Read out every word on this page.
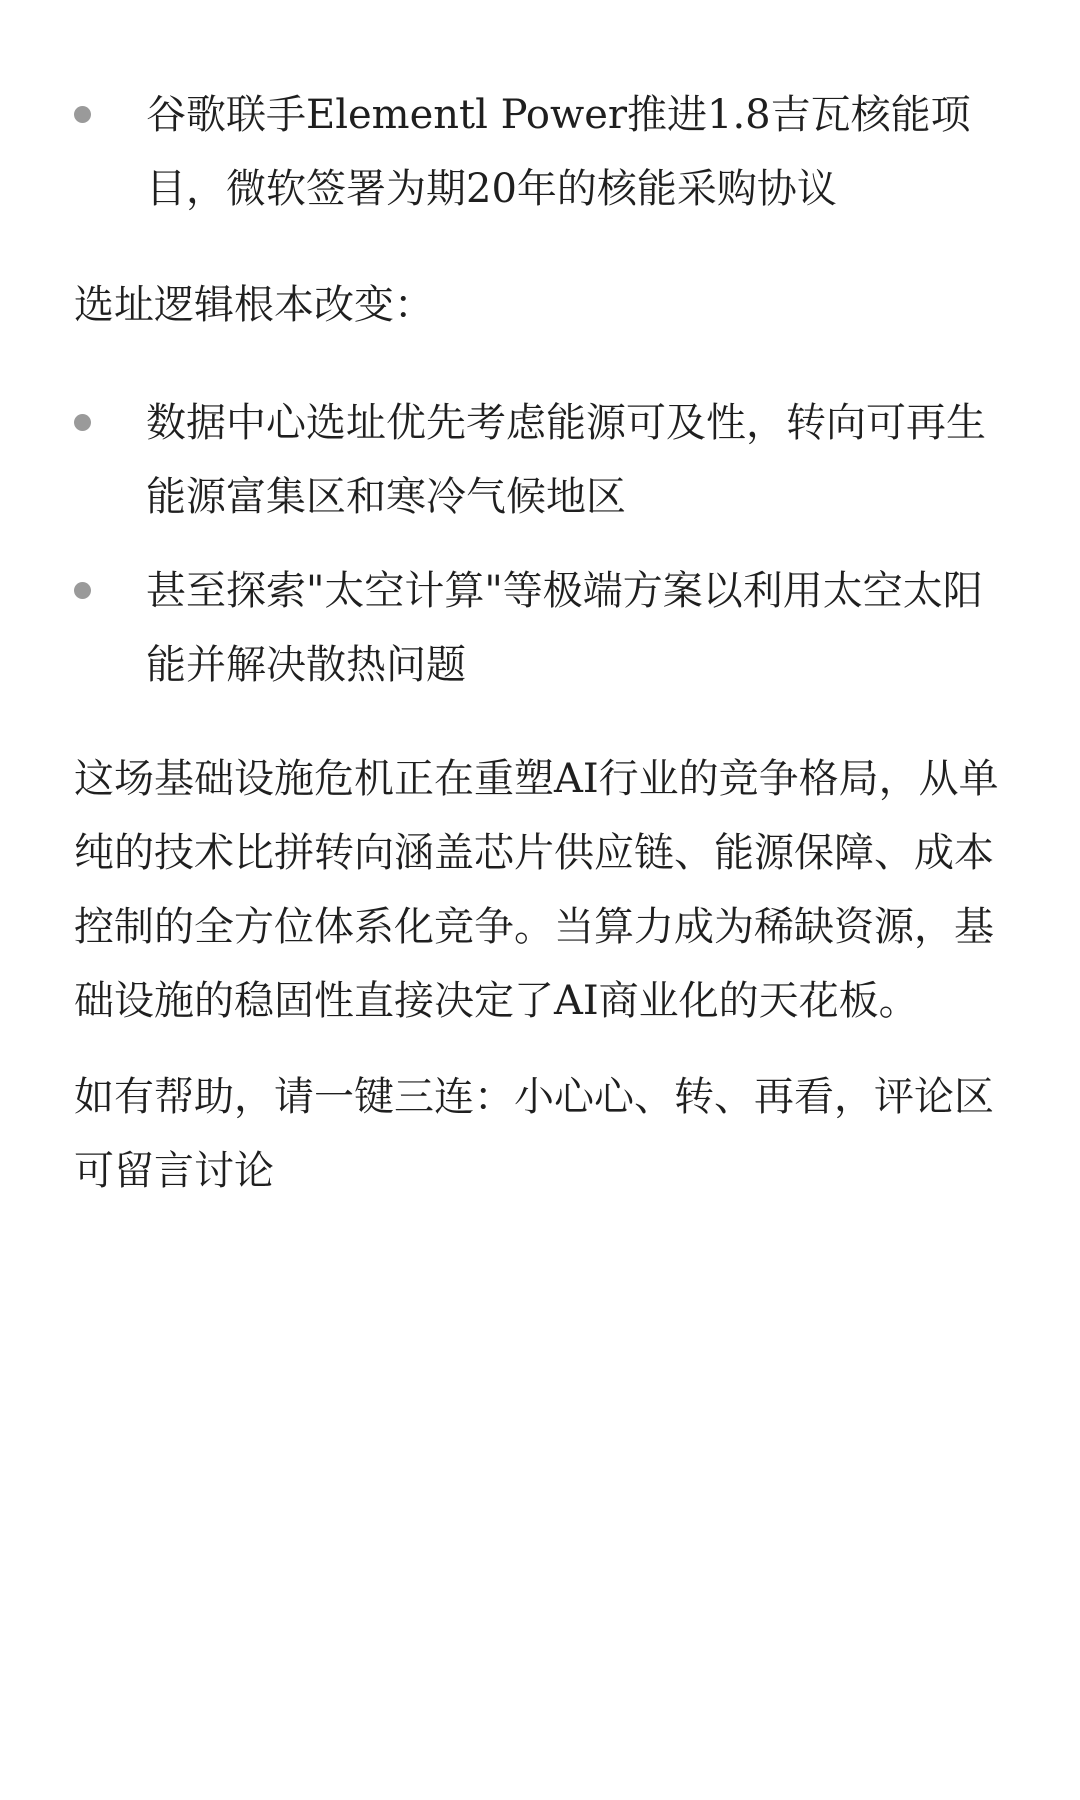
谷歌联手Elementl Power推进1.8吉瓦核能项目，微软签署为期20年的核能采购协议

选址逻辑根本改变：

数据中心选址优先考虑能源可及性，转向可再生能源富集区和寒冷气候地区
甚至探索"太空计算"等极端方案以利用太空太阳能并解决散热问题

这场基础设施危机正在重塑AI行业的竞争格局，从单纯的技术比拼转向涵盖芯片供应链、能源保障、成本控制的全方位体系化竞争。当算力成为稀缺资源，基础设施的稳固性直接决定了AI商业化的天花板。

如有帮助，请一键三连：小心心、转、再看，评论区可留言讨论
